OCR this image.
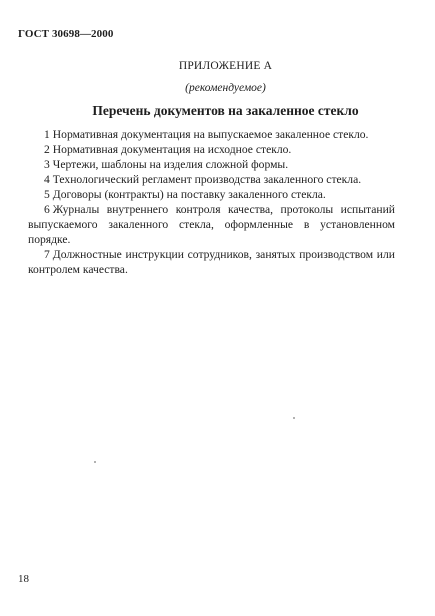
ГОСТ 30698—2000
ПРИЛОЖЕНИЕ А
(рекомендуемое)
Перечень документов на закаленное стекло

1 Нормативная документация на выпускаемое закаленное стекло.

2 Нормативная документация на исходное стекло.

3 Чертежи, шаблоны на изделия сложной формы.

4 Технологический регламент производства закаленного стекла.

5 Договоры (контракты) на поставку закаленного стекла.

6 Журналы внутреннего контроля качества, протоколы испытаний выпускаемого закаленного стекла, оформленные в установленном порядке.

7 Должностные инструкции сотрудников, занятых производством или контролем качества.

18
